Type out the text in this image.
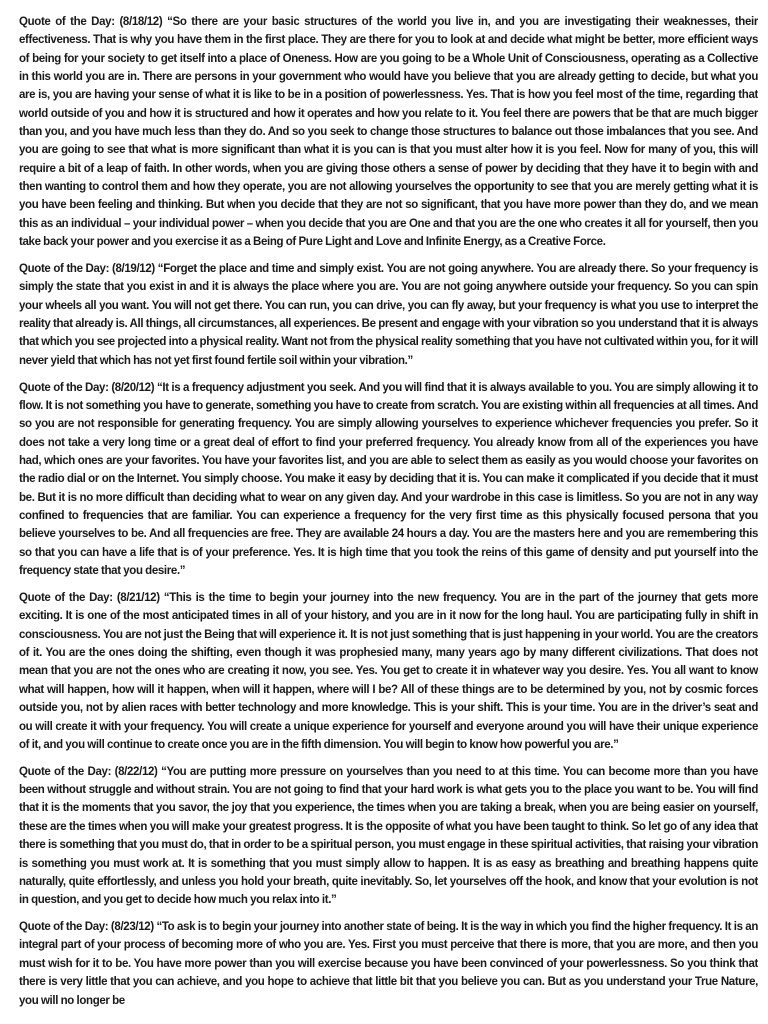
Quote of the Day: (8/18/12) “So there are your basic structures of the world you live in, and you are investigating their weaknesses, their effectiveness. That is why you have them in the first place. They are there for you to look at and decide what might be better, more efficient ways of being for your society to get itself into a place of Oneness. How are you going to be a Whole Unit of Consciousness, operating as a Collective in this world you are in. There are persons in your government who would have you believe that you are already getting to decide, but what you are is, you are having your sense of what it is like to be in a position of powerlessness. Yes. That is how you feel most of the time, regarding that world outside of you and how it is structured and how it operates and how you relate to it. You feel there are powers that be that are much bigger than you, and you have much less than they do. And so you seek to change those structures to balance out those imbalances that you see. And you are going to see that what is more significant than what it is you can is that you must alter how it is you feel. Now for many of you, this will require a bit of a leap of faith. In other words, when you are giving those others a sense of power by deciding that they have it to begin with and then wanting to control them and how they operate, you are not allowing yourselves the opportunity to see that you are merely getting what it is you have been feeling and thinking. But when you decide that they are not so significant, that you have more power than they do, and we mean this as an individual – your individual power – when you decide that you are One and that you are the one who creates it all for yourself, then you take back your power and you exercise it as a Being of Pure Light and Love and Infinite Energy, as a Creative Force.

Quote of the Day: (8/19/12) “Forget the place and time and simply exist. You are not going anywhere. You are already there. So your frequency is simply the state that you exist in and it is always the place where you are. You are not going anywhere outside your frequency. So you can spin your wheels all you want. You will not get there. You can run, you can drive, you can fly away, but your frequency is what you use to interpret the reality that already is. All things, all circumstances, all experiences. Be present and engage with your vibration so you understand that it is always that which you see projected into a physical reality. Want not from the physical reality something that you have not cultivated within you, for it will never yield that which has not yet first found fertile soil within your vibration.”

Quote of the Day: (8/20/12) “It is a frequency adjustment you seek. And you will find that it is always available to you. You are simply allowing it to flow. It is not something you have to generate, something you have to create from scratch. You are existing within all frequencies at all times. And so you are not responsible for generating frequency. You are simply allowing yourselves to experience whichever frequencies you prefer. So it does not take a very long time or a great deal of effort to find your preferred frequency. You already know from all of the experiences you have had, which ones are your favorites. You have your favorites list, and you are able to select them as easily as you would choose your favorites on the radio dial or on the Internet. You simply choose. You make it easy by deciding that it is. You can make it complicated if you decide that it must be. But it is no more difficult than deciding what to wear on any given day. And your wardrobe in this case is limitless. So you are not in any way confined to frequencies that are familiar. You can experience a frequency for the very first time as this physically focused persona that you believe yourselves to be. And all frequencies are free. They are available 24 hours a day. You are the masters here and you are remembering this so that you can have a life that is of your preference. Yes. It is high time that you took the reins of this game of density and put yourself into the frequency state that you desire.”

Quote of the Day: (8/21/12) “This is the time to begin your journey into the new frequency. You are in the part of the journey that gets more exciting. It is one of the most anticipated times in all of your history, and you are in it now for the long haul. You are participating fully in shift in consciousness. You are not just the Being that will experience it. It is not just something that is just happening in your world. You are the creators of it. You are the ones doing the shifting, even though it was prophesied many, many years ago by many different civilizations. That does not mean that you are not the ones who are creating it now, you see. Yes. You get to create it in whatever way you desire. Yes. You all want to know what will happen, how will it happen, when will it happen, where will I be? All of these things are to be determined by you, not by cosmic forces outside you, not by alien races with better technology and more knowledge. This is your shift. This is your time. You are in the driver’s seat and ou will create it with your frequency. You will create a unique experience for yourself and everyone around you will have their unique experience of it, and you will continue to create once you are in the fifth dimension. You will begin to know how powerful you are.”

Quote of the Day: (8/22/12) “You are putting more pressure on yourselves than you need to at this time. You can become more than you have been without struggle and without strain. You are not going to find that your hard work is what gets you to the place you want to be. You will find that it is the moments that you savor, the joy that you experience, the times when you are taking a break, when you are being easier on yourself, these are the times when you will make your greatest progress. It is the opposite of what you have been taught to think. So let go of any idea that there is something that you must do, that in order to be a spiritual person, you must engage in these spiritual activities, that raising your vibration is something you must work at. It is something that you must simply allow to happen. It is as easy as breathing and breathing happens quite naturally, quite effortlessly, and unless you hold your breath, quite inevitably. So, let yourselves off the hook, and know that your evolution is not in question, and you get to decide how much you relax into it.”

Quote of the Day: (8/23/12) “To ask is to begin your journey into another state of being. It is the way in which you find the higher frequency. It is an integral part of your process of becoming more of who you are. Yes. First you must perceive that there is more, that you are more, and then you must wish for it to be. You have more power than you will exercise because you have been convinced of your powerlessness. So you think that there is very little that you can achieve, and you hope to achieve that little bit that you believe you can. But as you understand your True Nature, you will no longer be
